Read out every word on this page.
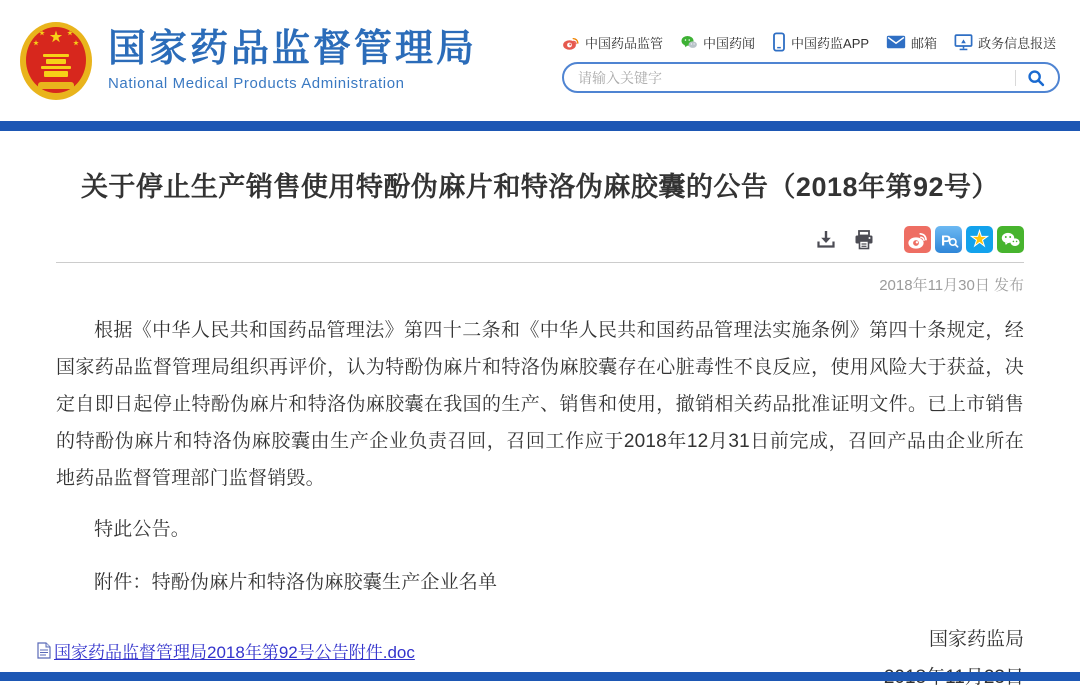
国家药品监督管理局
National Medical Products Administration
中国药品监管	中国药闻	中国药监APP	邮箱	政务信息报送
请输入关键字
关于停止生产销售使用特酚伪麻片和特洛伪麻胶囊的公告（2018年第92号）
P
2018年11月30日 发布

根据《中华人民共和国药品管理法》第四十二条和《中华人民共和国药品管理法实施条例》第四十条规定，经国家药品监督管理局组织再评价，认为特酚伪麻片和特洛伪麻胶囊存在心脏毒性不良反应，使用风险大于获益，决定自即日起停止特酚伪麻片和特洛伪麻胶囊在我国的生产、销售和使用，撤销相关药品批准证明文件。已上市销售的特酚伪麻片和特洛伪麻胶囊由生产企业负责召回，召回工作应于2018年12月31日前完成，召回产品由企业所在地药品监督管理部门监督销毁。

特此公告。

附件：特酚伪麻片和特洛伪麻胶囊生产企业名单

国家药监局
国家药品监督管理局2018年第92号公告附件.doc
